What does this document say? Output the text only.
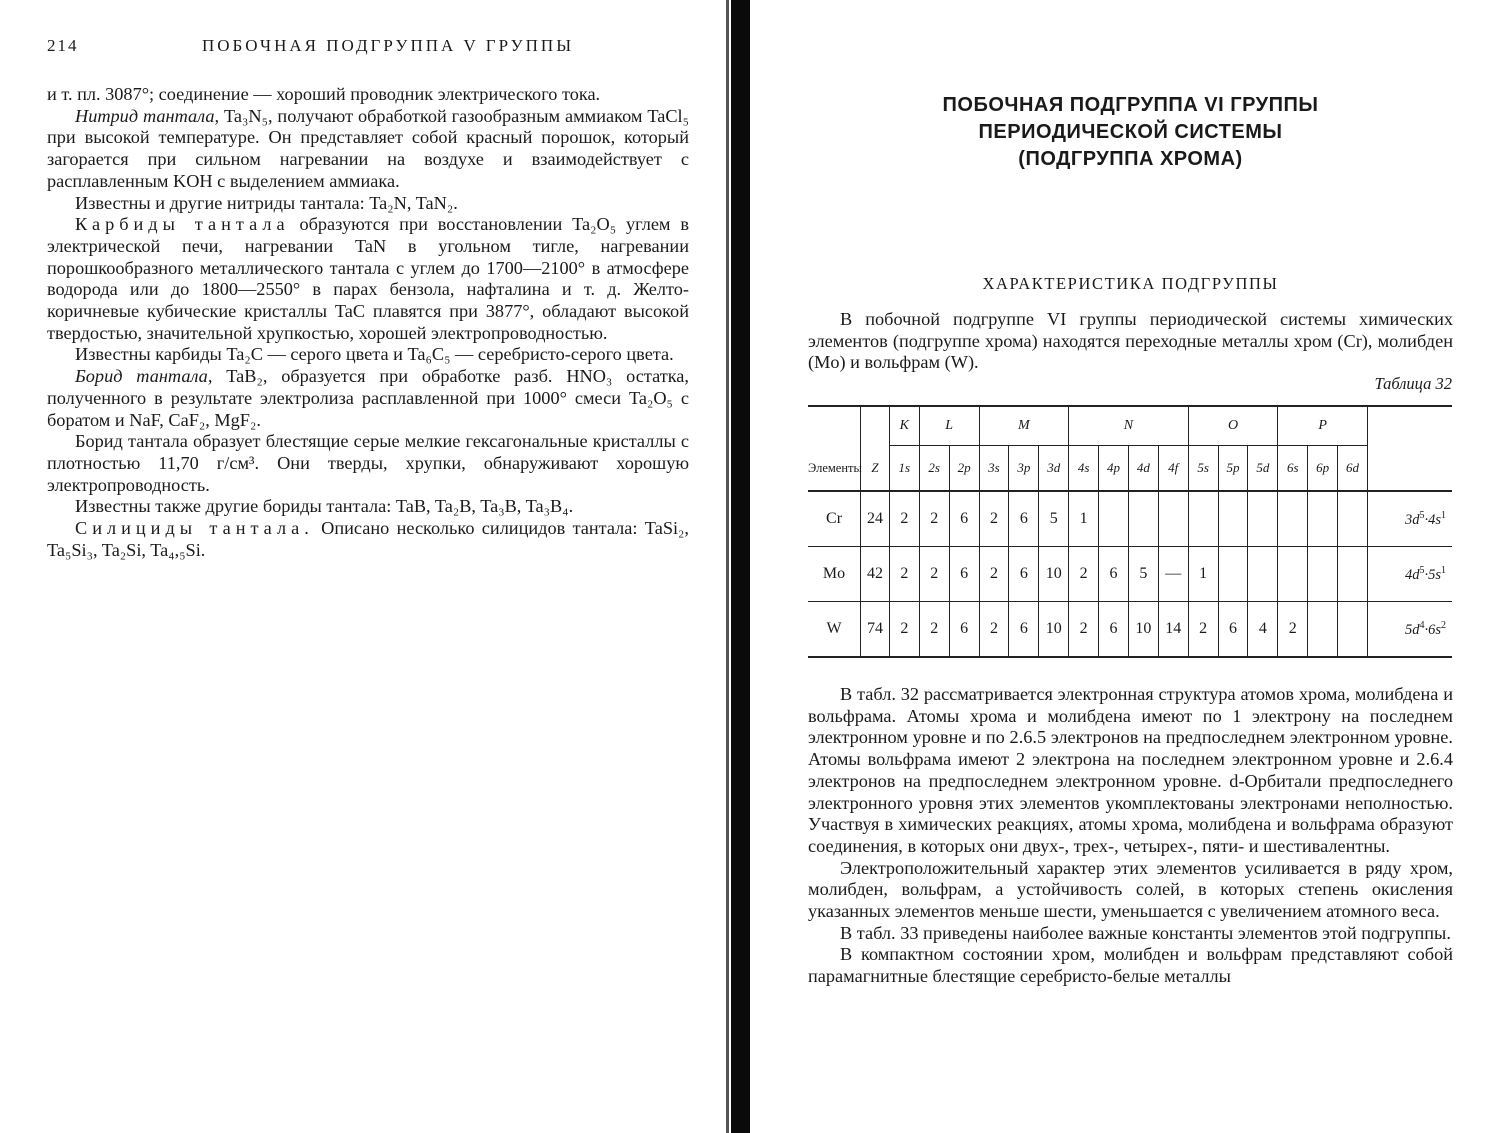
214	ПОБОЧНАЯ ПОДГРУППА V ГРУППЫ

и т. пл. 3087°; соединение — хороший проводник электрического тока.

Нитрид тантала, Ta₃N₅, получают обработкой газообразным аммиаком TaCl₅ при высокой температуре. Он представляет собой красный порошок, который загорается при сильном нагревании на воздухе и взаимодействует с расплавленным KOH с выделением аммиака.

Известны и другие нитриды тантала: Ta₂N, TaN₂.

Карбиды тантала образуются при восстановлении Ta₂O₅ углем в электрической печи, нагревании TaN в угольном тигле, нагревании порошкообразного металлического тантала с углем до 1700—2100° в атмосфере водорода или до 1800—2550° в парах бензола, нафталина и т. д. Желто-коричневые кубические кристаллы TaC плавятся при 3877°, обладают высокой твердостью, значительной хрупкостью, хорошей электропроводностью.

Известны карбиды Ta₂C — серого цвета и Ta₆C₅ — серебристо-серого цвета.

Борид тантала, TaB₂, образуется при обработке разб. HNO₃ остатка, полученного в результате электролиза расплавленной при 1000° смеси Ta₂O₅ с боратом и NaF, CaF₂, MgF₂.

Борид тантала образует блестящие серые мелкие гексагональные кристаллы с плотностью 11,70 г/см³. Они тверды, хрупки, обнаруживают хорошую электропроводность.

Известны также другие бориды тантала: TaB, Ta₂B, Ta₃B, Ta₃B₄.

Силициды тантала. Описано несколько силицидов тантала: TaSi₂, Ta₅Si₃, Ta₂Si, Ta₄,₅Si.

ПОБОЧНАЯ ПОДГРУППА VI ГРУППЫ
ПЕРИОДИЧЕСКОЙ СИСТЕМЫ
(ПОДГРУППА ХРОМА)
ХАРАКТЕРИСТИКА ПОДГРУППЫ

В побочной подгруппе VI группы периодической системы химических элементов (подгруппе хрома) находятся переходные металлы хром (Cr), молибден (Mo) и вольфрам (W).

Таблица 32
		K	L		M			N				O			P			
Элементы	Z	1s	2s	2p	3s	3p	3d	4s	4p	4d	4f	5s	5p	5d	6s	6p	6d	
Cr	24	2	2	6	2	6	5	1										$3d^5\cdot 4s^1$
Mo	42	2	2	6	2	6	10	2	6	5	—	1						$4d^5\cdot 5s^1$
W	74	2	2	6	2	6	10	2	6	10	14	2	6	4	2			$5d^4\cdot 6s^2$

В табл. 32 рассматривается электронная структура атомов хрома, молибдена и вольфрама. Атомы хрома и молибдена имеют по 1 электрону на последнем электронном уровне и по 2.6.5 электронов на предпоследнем электронном уровне. Атомы вольфрама имеют 2 электрона на последнем электронном уровне и 2.6.4 электронов на предпоследнем электронном уровне. d-Орбитали предпоследнего электронного уровня этих элементов укомплектованы электронами неполностью. Участвуя в химических реакциях, атомы хрома, молибдена и вольфрама образуют соединения, в которых они двух-, трех-, четырех-, пяти- и шестивалентны.

Электроположительный характер этих элементов усиливается в ряду хром, молибден, вольфрам, а устойчивость солей, в которых степень окисления указанных элементов меньше шести, уменьшается с увеличением атомного веса.

В табл. 33 приведены наиболее важные константы элементов этой подгруппы.

В компактном состоянии хром, молибден и вольфрам представляют собой парамагнитные блестящие серебристо-белые металлы
